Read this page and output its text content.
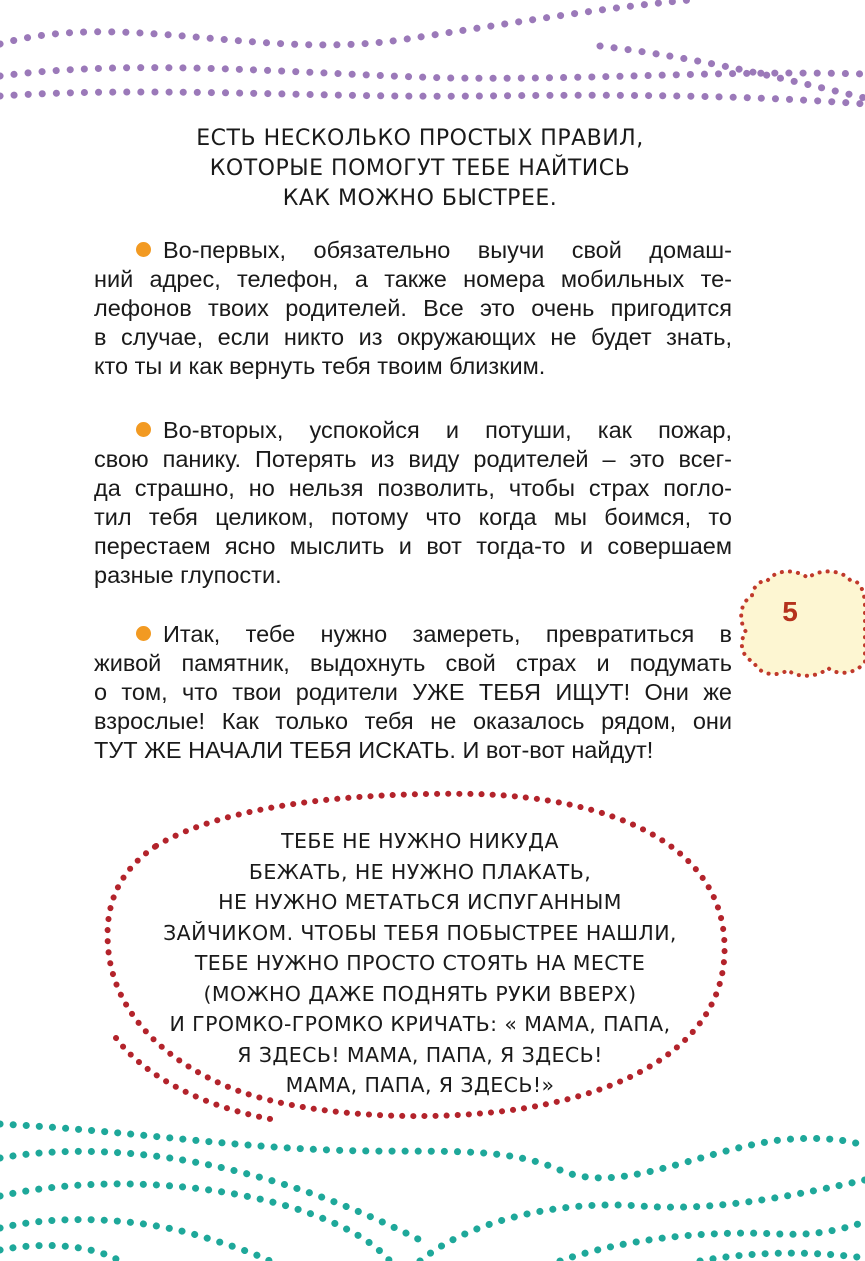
ЕСТЬ НЕСКОЛЬКО ПРОСТЫХ ПРАВИЛ,
КОТОРЫЕ ПОМОГУТ ТЕБЕ НАЙТИСЬ
КАК МОЖНО БЫСТРЕЕ.
Во-первых, обязательно выучи свой домаш-
ний адрес, телефон, а также номера мобильных те-
лефонов твоих родителей. Все это очень пригодится
в случае, если никто из окружающих не будет знать,
кто ты и как вернуть тебя твоим близким.
Во-вторых, успокойся и потуши, как пожар,
свою панику. Потерять из виду родителей – это всег-
да страшно, но нельзя позволить, чтобы страх погло-
тил тебя целиком, потому что когда мы боимся, то
перестаем ясно мыслить и вот тогда-то и совершаем
разные глупости.
Итак, тебе нужно замереть, превратиться в
живой памятник, выдохнуть свой страх и подумать
о том, что твои родители УЖЕ ТЕБЯ ИЩУТ! Они же
взрослые! Как только тебя не оказалось рядом, они
ТУТ ЖЕ НАЧАЛИ ТЕБЯ ИСКАТЬ. И вот-вот найдут!
5
ТЕБЕ НЕ НУЖНО НИКУДА
БЕЖАТЬ, НЕ НУЖНО ПЛАКАТЬ,
НЕ НУЖНО МЕТАТЬСЯ ИСПУГАННЫМ
ЗАЙЧИКОМ. ЧТОБЫ ТЕБЯ ПОБЫСТРЕЕ НАШЛИ,
ТЕБЕ НУЖНО ПРОСТО СТОЯТЬ НА МЕСТЕ
(МОЖНО ДАЖЕ ПОДНЯТЬ РУКИ ВВЕРХ)
И ГРОМКО-ГРОМКО КРИЧАТЬ: « МАМА, ПАПА,
Я ЗДЕСЬ! МАМА, ПАПА, Я ЗДЕСЬ!
МАМА, ПАПА, Я ЗДЕСЬ!»
